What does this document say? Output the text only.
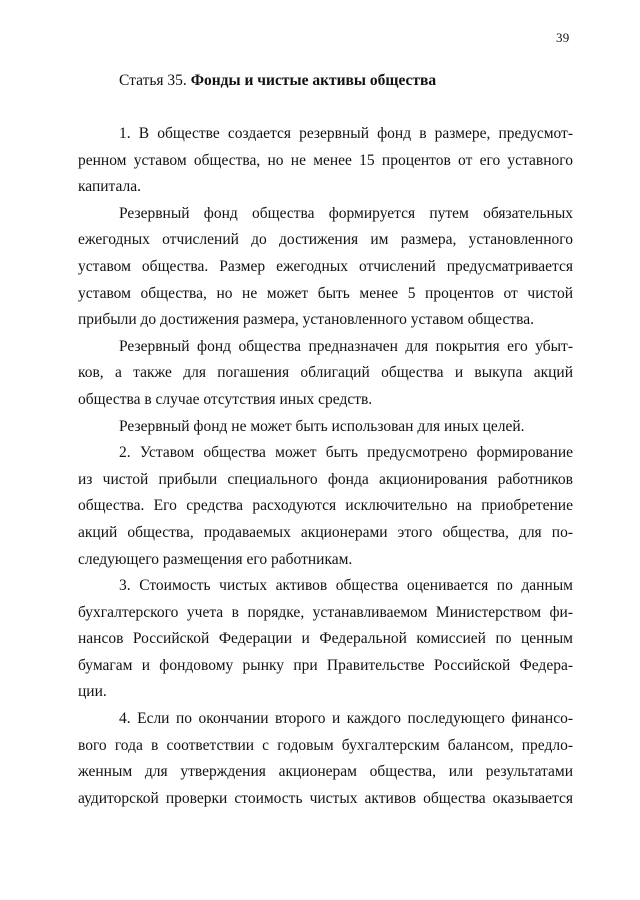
39
Статья 35. Фонды и чистые активы общества
1. В обществе создается резервный фонд в размере, предусмот-
ренном уставом общества, но не менее 15 процентов от его уставного
капитала.
Резервный фонд общества формируется путем обязательных
ежегодных отчислений до достижения им размера, установленного
уставом общества. Размер ежегодных отчислений предусматривается
уставом общества, но не может быть менее 5 процентов от чистой
прибыли до достижения размера, установленного уставом общества.
Резервный фонд общества предназначен для покрытия его убыт-
ков, а также для погашения облигаций общества и выкупа акций
общества в случае отсутствия иных средств.
Резервный фонд не может быть использован для иных целей.
2. Уставом общества может быть предусмотрено формирование
из чистой прибыли специального фонда акционирования работников
общества. Его средства расходуются исключительно на приобретение
акций общества, продаваемых акционерами этого общества, для по-
следующего размещения его работникам.
3. Стоимость чистых активов общества оценивается по данным
бухгалтерского учета в порядке, устанавливаемом Министерством фи-
нансов Российской Федерации и Федеральной комиссией по ценным
бумагам и фондовому рынку при Правительстве Российской Федера-
ции.
4. Если по окончании второго и каждого последующего финансо-
вого года в соответствии с годовым бухгалтерским балансом, предло-
женным для утверждения акционерам общества, или результатами
аудиторской проверки стоимость чистых активов общества оказывается
